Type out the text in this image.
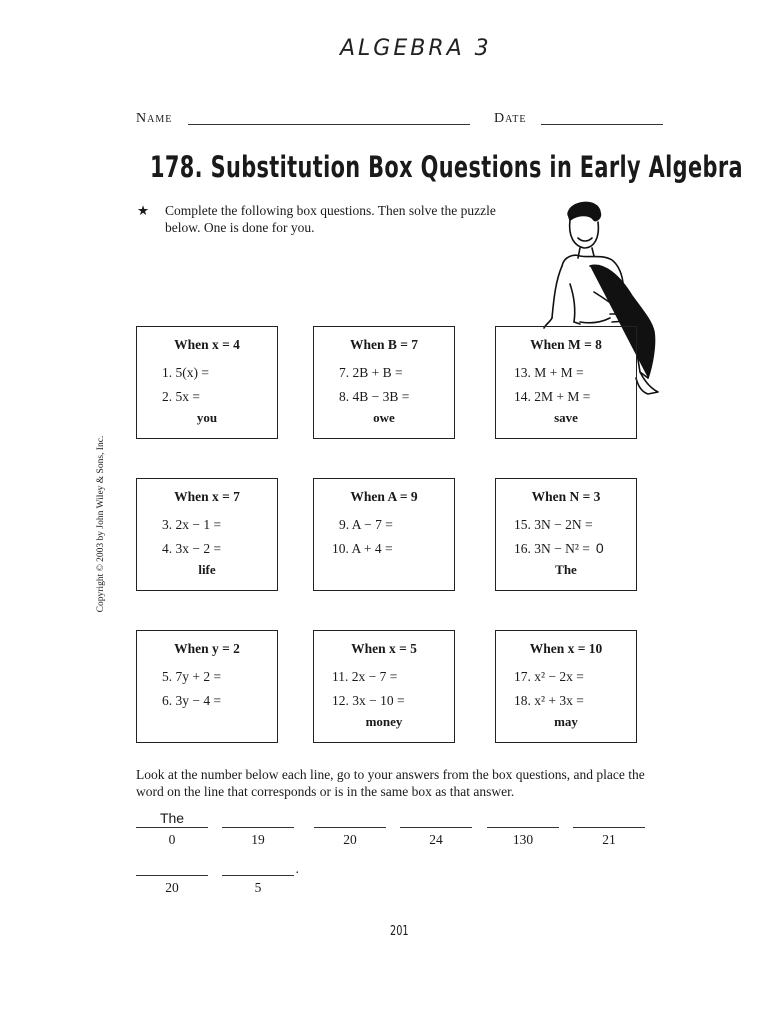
ALGEBRA 3
Name	Date
178. Substitution Box Questions in Early Algebra
★ Complete the following box questions. Then solve the puzzle below. One is done for you.
FELIP
Copyright © 2003 by John Wiley & Sons, Inc.
When x = 4
1. 5(x) =
2. 5x =
you
When B = 7
7. 2B + B =
8. 4B − 3B =
owe
When M = 8
13. M + M =
14. 2M + M =
save
When x = 7
3. 2x − 1 =
4. 3x − 2 =
life
When A = 9
9. A − 7 =
10. A + 4 =
When N = 3
15. 3N − 2N =
16. 3N − N² = 0
The
When y = 2
5. 7y + 2 =
6. 3y − 4 =
When x = 5
11. 2x − 7 =
12. 3x − 10 =
money
When x = 10
17. x² − 2x =
18. x² + 3x =
may
Look at the number below each line, go to your answers from the box questions, and place the word on the line that corresponds or is in the same box as that answer.
The
0	19	20	24	130	21
20	5
.
201
